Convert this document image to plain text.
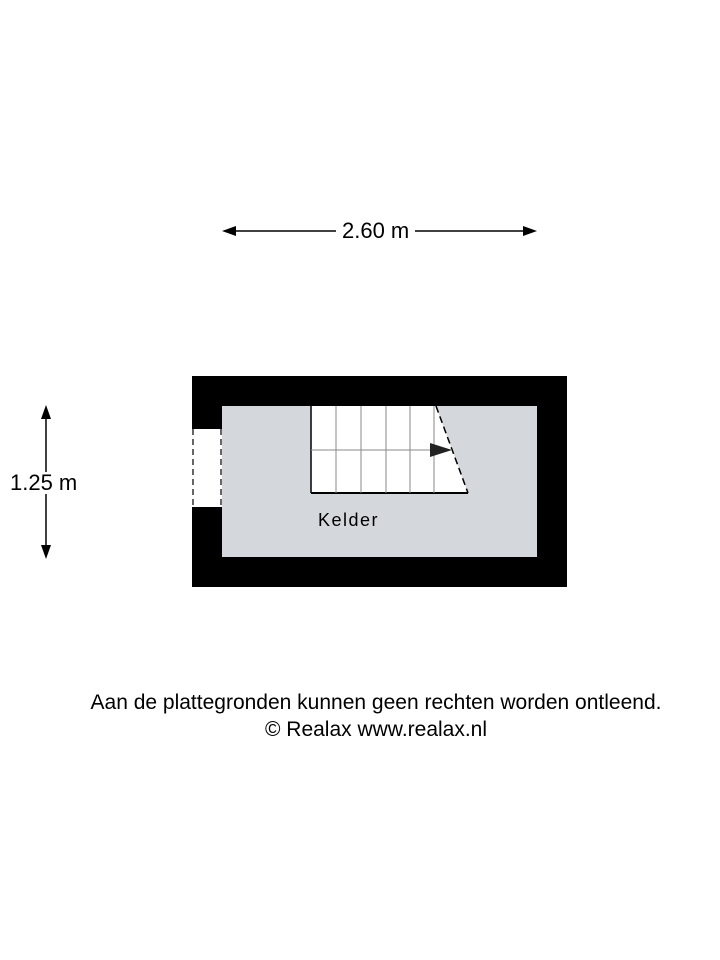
2.60 m
1.25 m
Kelder
Aan de plattegronden kunnen geen rechten worden ontleend.
© Realax www.realax.nl
